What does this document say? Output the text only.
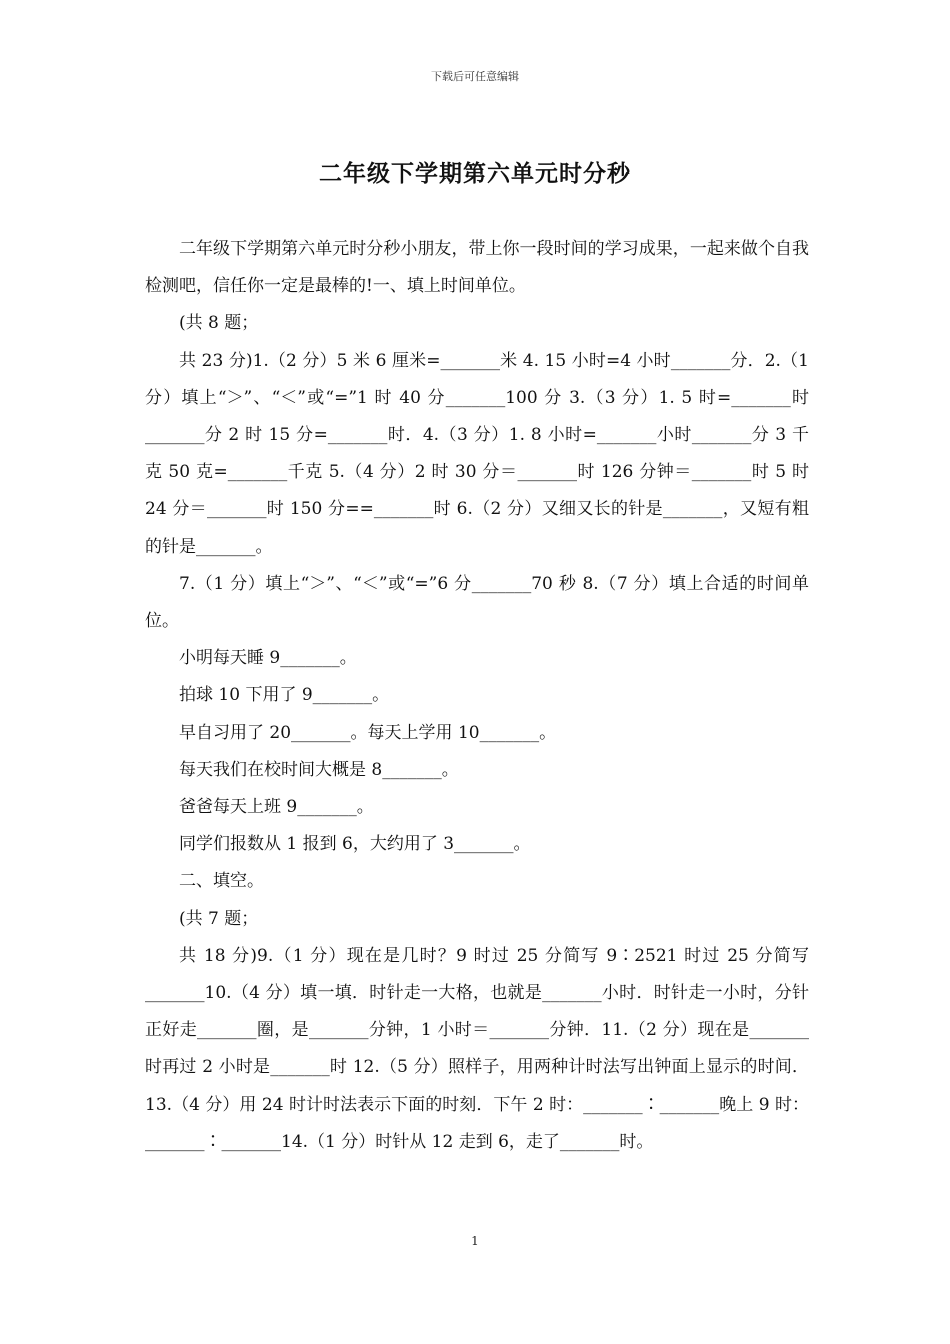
下载后可任意编辑
二年级下学期第六单元时分秒

二年级下学期第六单元时分秒小朋友，带上你一段时间的学习成果，一起来做个自我检测吧，信任你一定是最棒的!一、填上时间单位。

(共 8 题；

共 23 分)1.（2 分）5 米 6 厘米=_______米 4. 15 小时=4 小时_______分．2.（1 分）填上“＞”、“＜”或“=”1 时 40 分_______100 分 3.（3 分）1. 5 时=_______时_______分 2 时 15 分=_______时．4.（3 分）1. 8 小时=_______小时_______分 3 千克 50 克=_______千克 5.（4 分）2 时 30 分＝_______时 126 分钟＝_______时 5 时 24 分＝_______时 150 分==_______时 6.（2 分）又细又长的针是_______，又短有粗的针是_______。

7.（1 分）填上“＞”、“＜”或“=”6 分_______70 秒 8.（7 分）填上合适的时间单位。

小明每天睡 9_______。

拍球 10 下用了 9_______。

早自习用了 20_______。每天上学用 10_______。

每天我们在校时间大概是 8_______。

爸爸每天上班 9_______。

同学们报数从 1 报到 6，大约用了 3_______。

二、填空。

(共 7 题；

共 18 分)9.（1 分）现在是几时？9 时过 25 分简写 9∶2521 时过 25 分简写_______10.（4 分）填一填．时针走一大格，也就是_______小时．时针走一小时，分针正好走_______圈，是_______分钟，1 小时＝_______分钟．11.（2 分）现在是_______时再过 2 小时是_______时 12.（5 分）照样子，用两种计时法写出钟面上显示的时间．13.（4 分）用 24 时计时法表示下面的时刻．下午 2 时：_______∶_______晚上 9 时：_______∶_______14.（1 分）时针从 12 走到 6，走了_______时。

1
